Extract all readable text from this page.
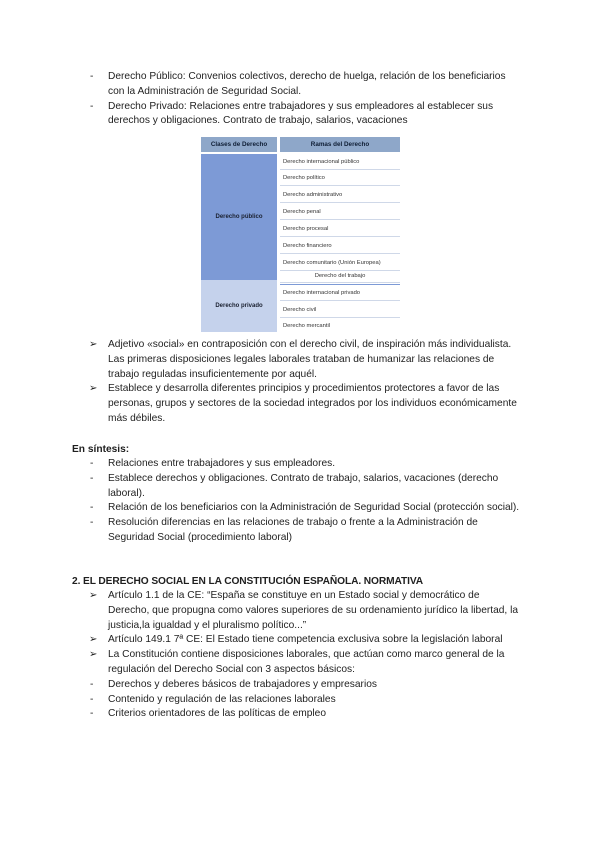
- Derecho Público: Convenios colectivos, derecho de huelga, relación de los beneficiarios con la Administración de Seguridad Social.
- Derecho Privado: Relaciones entre trabajadores y sus empleadores al establecer sus derechos y obligaciones. Contrato de trabajo, salarios, vacaciones
Clases de Derecho	Ramas del Derecho
Derecho público
Derecho privado
Derecho internacional público
Derecho político
Derecho administrativo
Derecho penal
Derecho procesal
Derecho financiero
Derecho comunitario (Unión Europea)
Derecho del trabajo
Derecho internacional privado
Derecho civil
Derecho mercantil
➢ Adjetivo «social» en contraposición con el derecho civil, de inspiración más individualista. Las primeras disposiciones legales laborales trataban de humanizar las relaciones de trabajo reguladas insuficientemente por aquél.
➢ Establece y desarrolla diferentes principios y procedimientos protectores a favor de las personas, grupos y sectores de la sociedad integrados por los individuos económicamente más débiles.
En síntesis:
- Relaciones entre trabajadores y sus empleadores.
- Establece derechos y obligaciones. Contrato de trabajo, salarios, vacaciones (derecho laboral).
- Relación de los beneficiarios con la Administración de Seguridad Social (protección social).
- Resolución diferencias en las relaciones de trabajo o frente a la Administración de Seguridad Social (procedimiento laboral)
2. EL DERECHO SOCIAL EN LA CONSTITUCIÓN ESPAÑOLA. NORMATIVA
➢ Artículo 1.1 de la CE: “España se constituye en un Estado social y democrático de Derecho, que propugna como valores superiores de su ordenamiento jurídico la libertad, la justicia,la igualdad y el pluralismo político...”
➢ Artículo 149.1 7ª CE: El Estado tiene competencia exclusiva sobre la legislación laboral
➢ La Constitución contiene disposiciones laborales, que actúan como marco general de la regulación del Derecho Social con 3 aspectos básicos:
- Derechos y deberes básicos de trabajadores y empresarios
- Contenido y regulación de las relaciones laborales
- Criterios orientadores de las políticas de empleo
